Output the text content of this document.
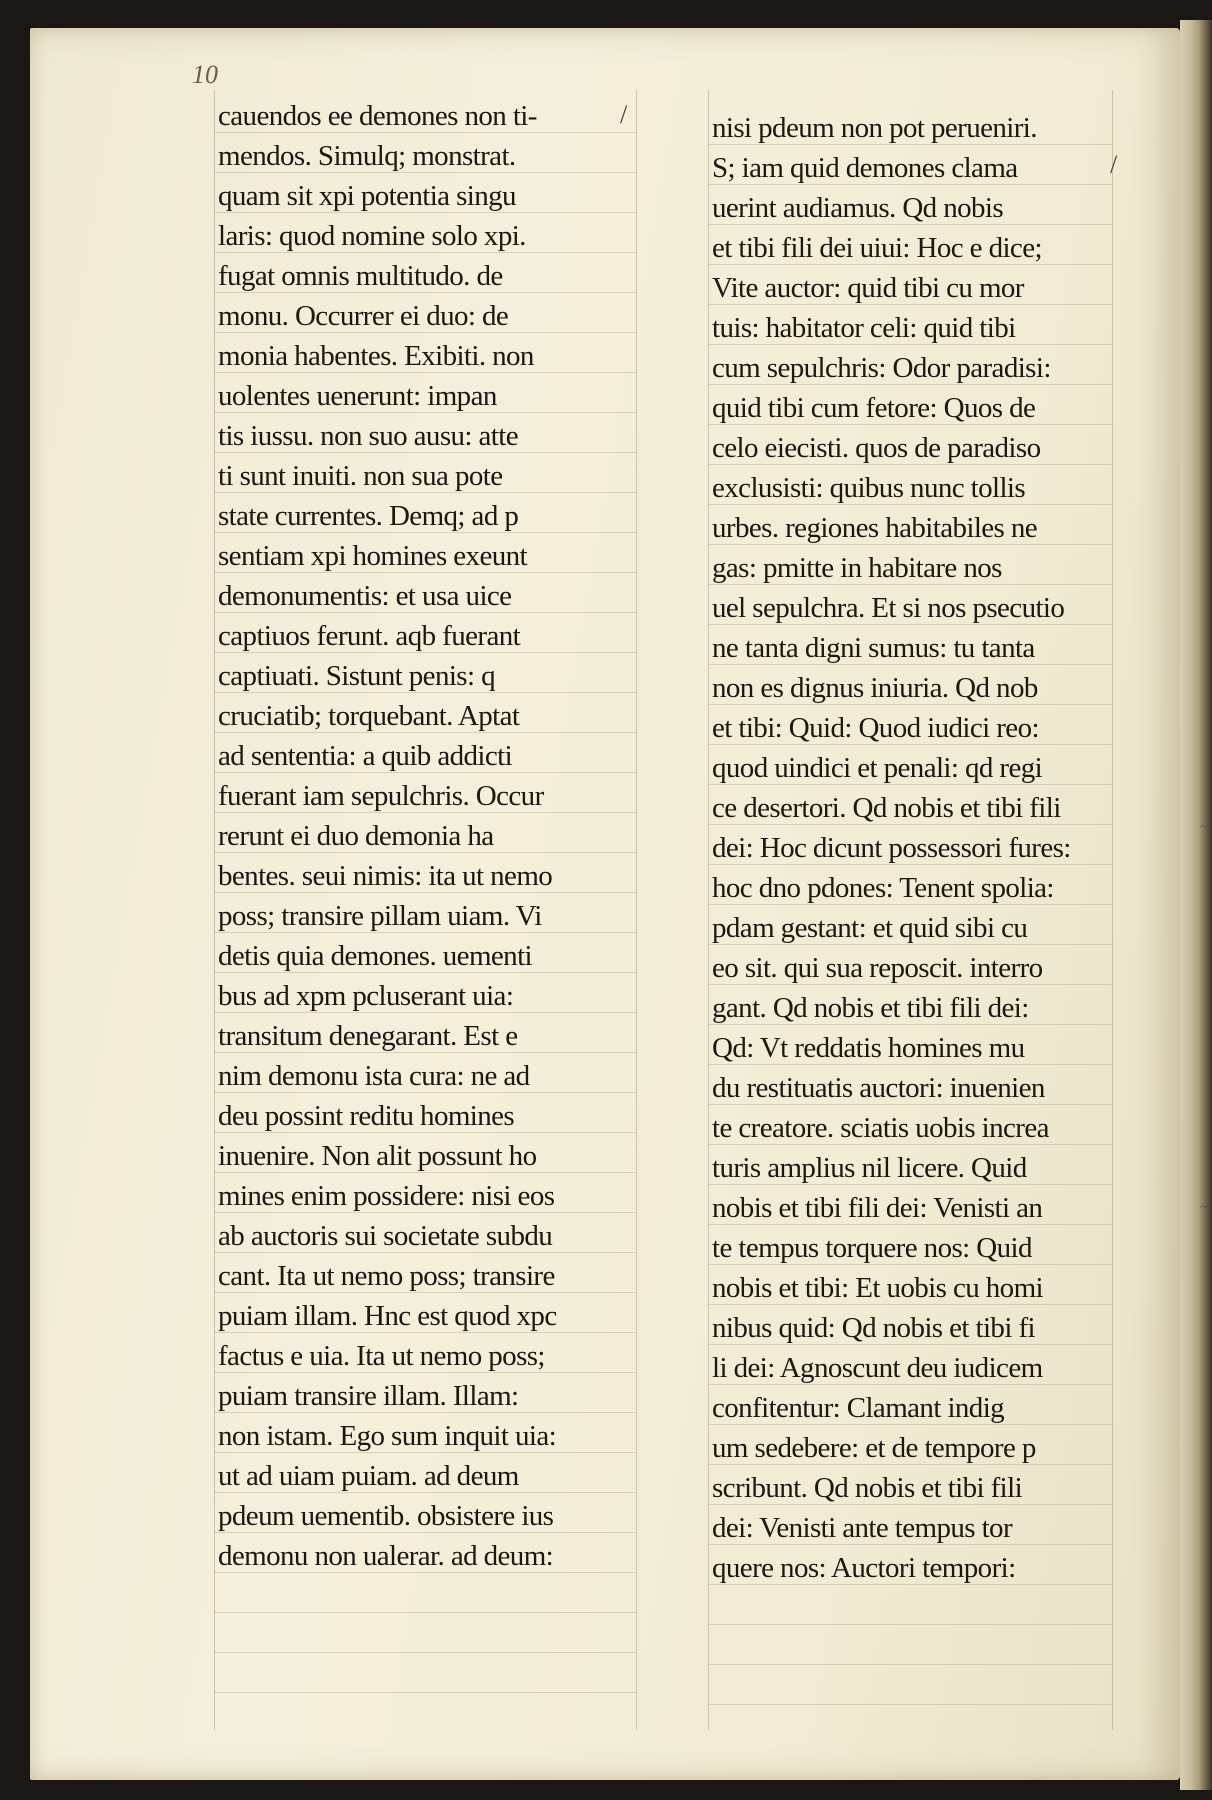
~
~
10
/
/
cauendos ee demones non ti-
mendos. Simulq; monstrat.
quam sit xpi potentia singu
laris: quod nomine solo xpi.
fugat omnis multitudo. de
monu. Occurrer ei duo: de
monia habentes. Exibiti. non
uolentes uenerunt: impan
tis iussu. non suo ausu: atte
ti sunt inuiti. non sua pote
state currentes. Demq; ad p
sentiam xpi homines exeunt
demonumentis: et usa uice
captiuos ferunt. aqb fuerant
captiuati. Sistunt penis: q
cruciatib; torquebant. Aptat
ad sententia: a quib addicti
fuerant iam sepulchris. Occur
rerunt ei duo demonia ha
bentes. seui nimis: ita ut nemo
poss; transire pillam uiam. Vi
detis quia demones. uementi
bus ad xpm pcluserant uia:
transitum denegarant. Est e
nim demonu ista cura: ne ad
deu possint reditu homines
inuenire. Non alit possunt ho
mines enim possidere: nisi eos
ab auctoris sui societate subdu
cant. Ita ut nemo poss; transire
puiam illam. Hnc est quod xpc
factus e uia. Ita ut nemo poss;
puiam transire illam. Illam:
non istam. Ego sum inquit uia:
ut ad uiam puiam. ad deum
pdeum uementib. obsistere ius
demonu non ualerar. ad deum:
nisi pdeum non pot perueniri.
S; iam quid demones clama
uerint audiamus. Qd nobis
et tibi fili dei uiui: Hoc e dice;
Vite auctor: quid tibi cu mor
tuis: habitator celi: quid tibi
cum sepulchris: Odor paradisi:
quid tibi cum fetore: Quos de
celo eiecisti. quos de paradiso
exclusisti: quibus nunc tollis
urbes. regiones habitabiles ne
gas: pmitte in habitare nos
uel sepulchra. Et si nos psecutio
ne tanta digni sumus: tu tanta
non es dignus iniuria. Qd nob
et tibi: Quid: Quod iudici reo:
quod uindici et penali: qd regi
ce desertori. Qd nobis et tibi fili
dei: Hoc dicunt possessori fures:
hoc dno pdones: Tenent spolia:
pdam gestant: et quid sibi cu
eo sit. qui sua reposcit. interro
gant. Qd nobis et tibi fili dei:
Qd: Vt reddatis homines mu
du restituatis auctori: inuenien
te creatore. sciatis uobis increa
turis amplius nil licere. Quid
nobis et tibi fili dei: Venisti an
te tempus torquere nos: Quid
nobis et tibi: Et uobis cu homi
nibus quid: Qd nobis et tibi fi
li dei: Agnoscunt deu iudicem
confitentur: Clamant indig
um sedebere: et de tempore p
scribunt. Qd nobis et tibi fili
dei: Venisti ante tempus tor
quere nos: Auctori tempori:
